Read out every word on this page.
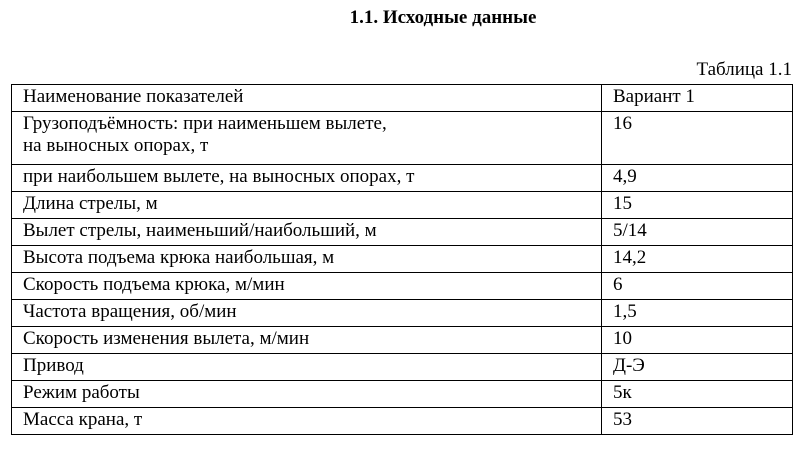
1.1. Исходные данные
Таблица 1.1
Наименование показателей	Вариант 1

Грузоподъёмность: при наименьшем вылете,
на выносных опорах, т	16
при наибольшем вылете, на выносных опорах, т	4,9
Длина стрелы, м	15
Вылет стрелы, наименьший/наибольший, м	5/14
Высота подъема крюка наибольшая, м	14,2
Скорость подъема крюка, м/мин	6
Частота вращения, об/мин	1,5
Скорость изменения вылета, м/мин	10
Привод	Д-Э
Режим работы	5к
Масса крана, т	53
